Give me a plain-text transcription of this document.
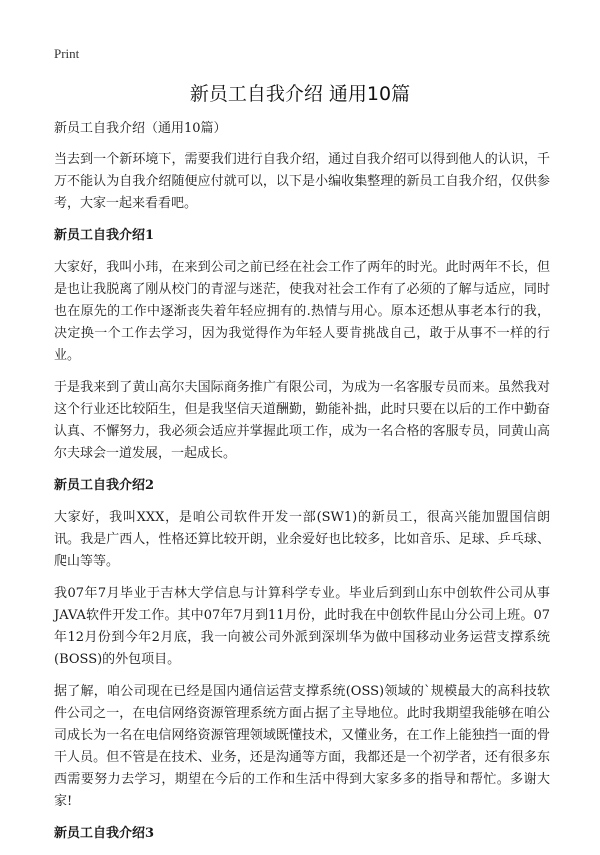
Print
新员工自我介绍 通用10篇

新员工自我介绍（通用10篇）

当去到一个新环境下，需要我们进行自我介绍，通过自我介绍可以得到他人的认识，千万不能认为自我介绍随便应付就可以，以下是小编收集整理的新员工自我介绍，仅供参考，大家一起来看看吧。

新员工自我介绍1

大家好，我叫小玮，在来到公司之前已经在社会工作了两年的时光。此时两年不长，但是也让我脱离了刚从校门的青涩与迷茫，使我对社会工作有了必须的了解与适应，同时也在原先的工作中逐渐丧失着年轻应拥有的.热情与用心。原本还想从事老本行的我，决定换一个工作去学习，因为我觉得作为年轻人要肯挑战自己，敢于从事不一样的行业。

于是我来到了黄山高尔夫国际商务推广有限公司，为成为一名客服专员而来。虽然我对这个行业还比较陌生，但是我坚信天道酬勤，勤能补拙，此时只要在以后的工作中勤奋认真、不懈努力，我必须会适应并掌握此项工作，成为一名合格的客服专员，同黄山高尔夫球会一道发展，一起成长。

新员工自我介绍2

大家好，我叫XXX，是咱公司软件开发一部(SW1)的新员工，很高兴能加盟国信朗讯。我是广西人，性格还算比较开朗，业余爱好也比较多，比如音乐、足球、乒乓球、爬山等等。

我07年7月毕业于吉林大学信息与计算科学专业。毕业后到到山东中创软件公司从事JAVA软件开发工作。其中07年7月到11月份，此时我在中创软件昆山分公司上班。07年12月份到今年2月底，我一向被公司外派到深圳华为做中国移动业务运营支撑系统(BOSS)的外包项目。

据了解，咱公司现在已经是国内通信运营支撑系统(OSS)领域的`规模最大的高科技软件公司之一，在电信网络资源管理系统方面占据了主导地位。此时我期望我能够在咱公司成长为一名在电信网络资源管理领域既懂技术，又懂业务，在工作上能独挡一面的骨干人员。但不管是在技术、业务，还是沟通等方面，我都还是一个初学者，还有很多东西需要努力去学习，期望在今后的工作和生活中得到大家多多的指导和帮忙。多谢大家!

新员工自我介绍3
